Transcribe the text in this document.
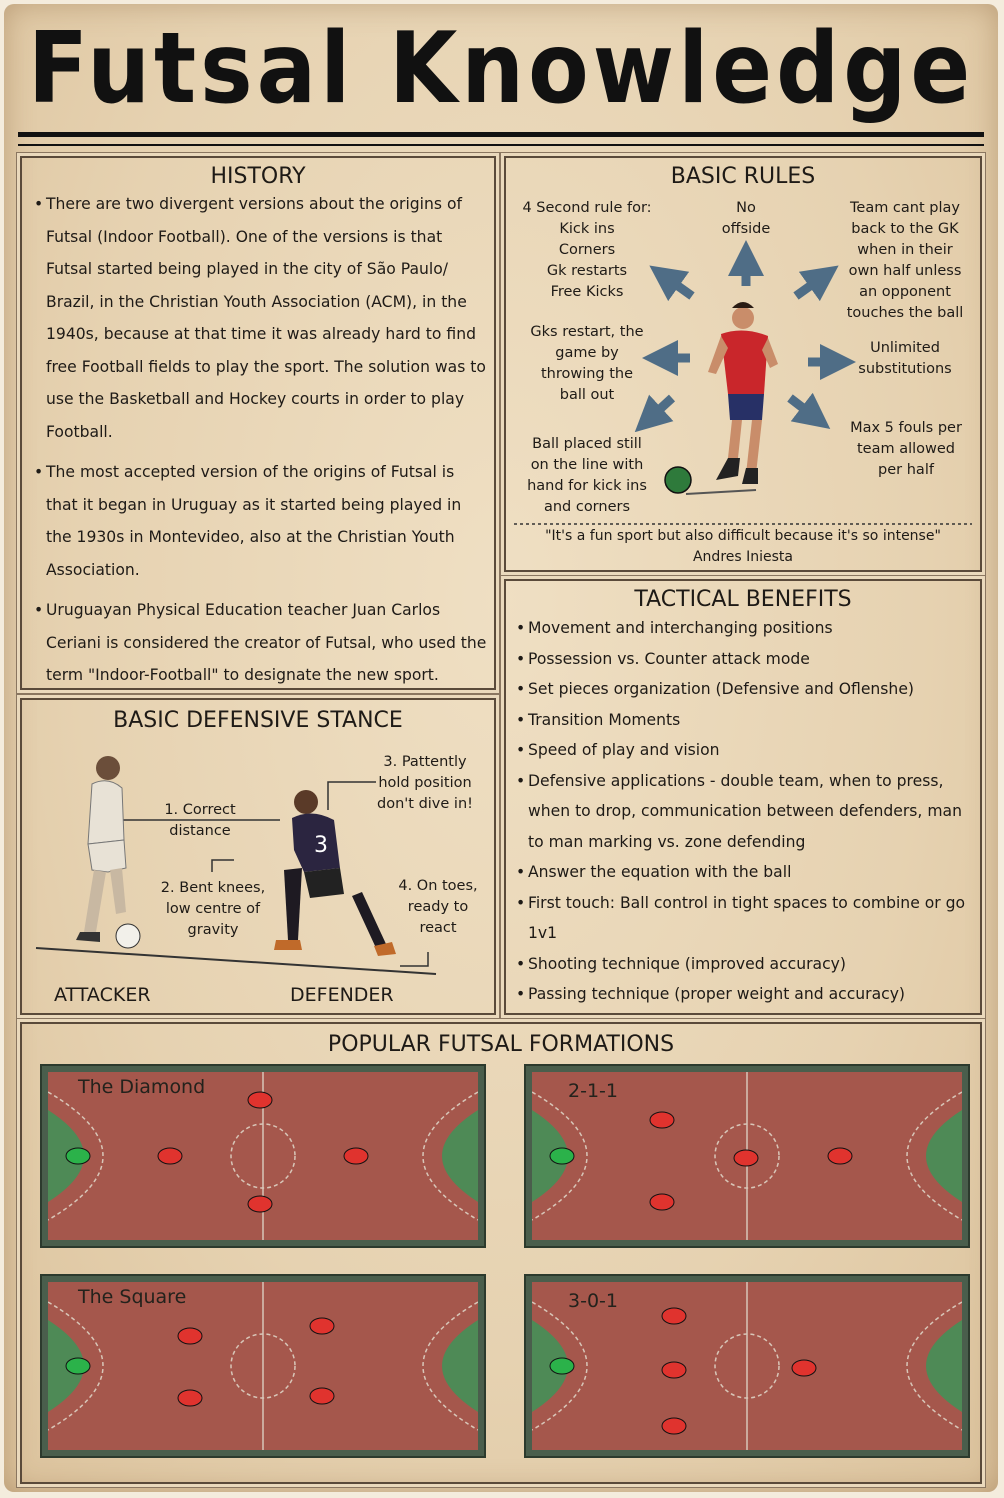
Futsal Knowledge
HISTORY

• There are two divergent versions about the origins of Futsal (Indoor Football). One of the versions is that Futsal started being played in the city of São Paulo/ Brazil, in the Christian Youth Association (ACM), in the 1940s, because at that time it was already hard to find free Football fields to play the sport. The solution was to use the Basketball and Hockey courts in order to play Football.

• The most accepted version of the origins of Futsal is that it began in Uruguay as it started being played in the 1930s in Montevideo, also at the Christian Youth Association.

• Uruguayan Physical Education teacher Juan Carlos Ceriani is considered the creator of Futsal, who used the term "Indoor-Football" to designate the new sport.

BASIC RULES
4 Second rule for:
Kick ins
Corners
Gk restarts
Free Kicks
No
offside
Team cant play
back to the GK
when in their
own half unless
an opponent
touches the ball
Gks restart, the
game by
throwing the
ball out
Unlimited
substitutions
Ball placed still
on the line with
hand for kick ins
and corners
Max 5 fouls per
team allowed
per half
"It's a fun sport but also difficult because it's so intense"
Andres Iniesta
TACTICAL BENEFITS
• Movement and interchanging positions
• Possession vs. Counter attack mode
• Set pieces organization (Defensive and Oflenshe)
• Transition Moments
• Speed of play and vision
• Defensive applications - double team, when to press, when to drop, communication between defenders, man to man marking vs. zone defending
• Answer the equation with the ball
• First touch: Ball control in tight spaces to combine or go 1v1
• Shooting technique (improved accuracy)
• Passing technique (proper weight and accuracy)
BASIC DEFENSIVE STANCE
3
1. Correct
distance
2. Bent knees,
low centre of
gravity
3. Pattently
hold position
don't dive in!
4. On toes,
ready to
react
ATTACKER	DEFENDER
POPULAR FUTSAL FORMATIONS
The Diamond	2-1-1
The Square	3-0-1
